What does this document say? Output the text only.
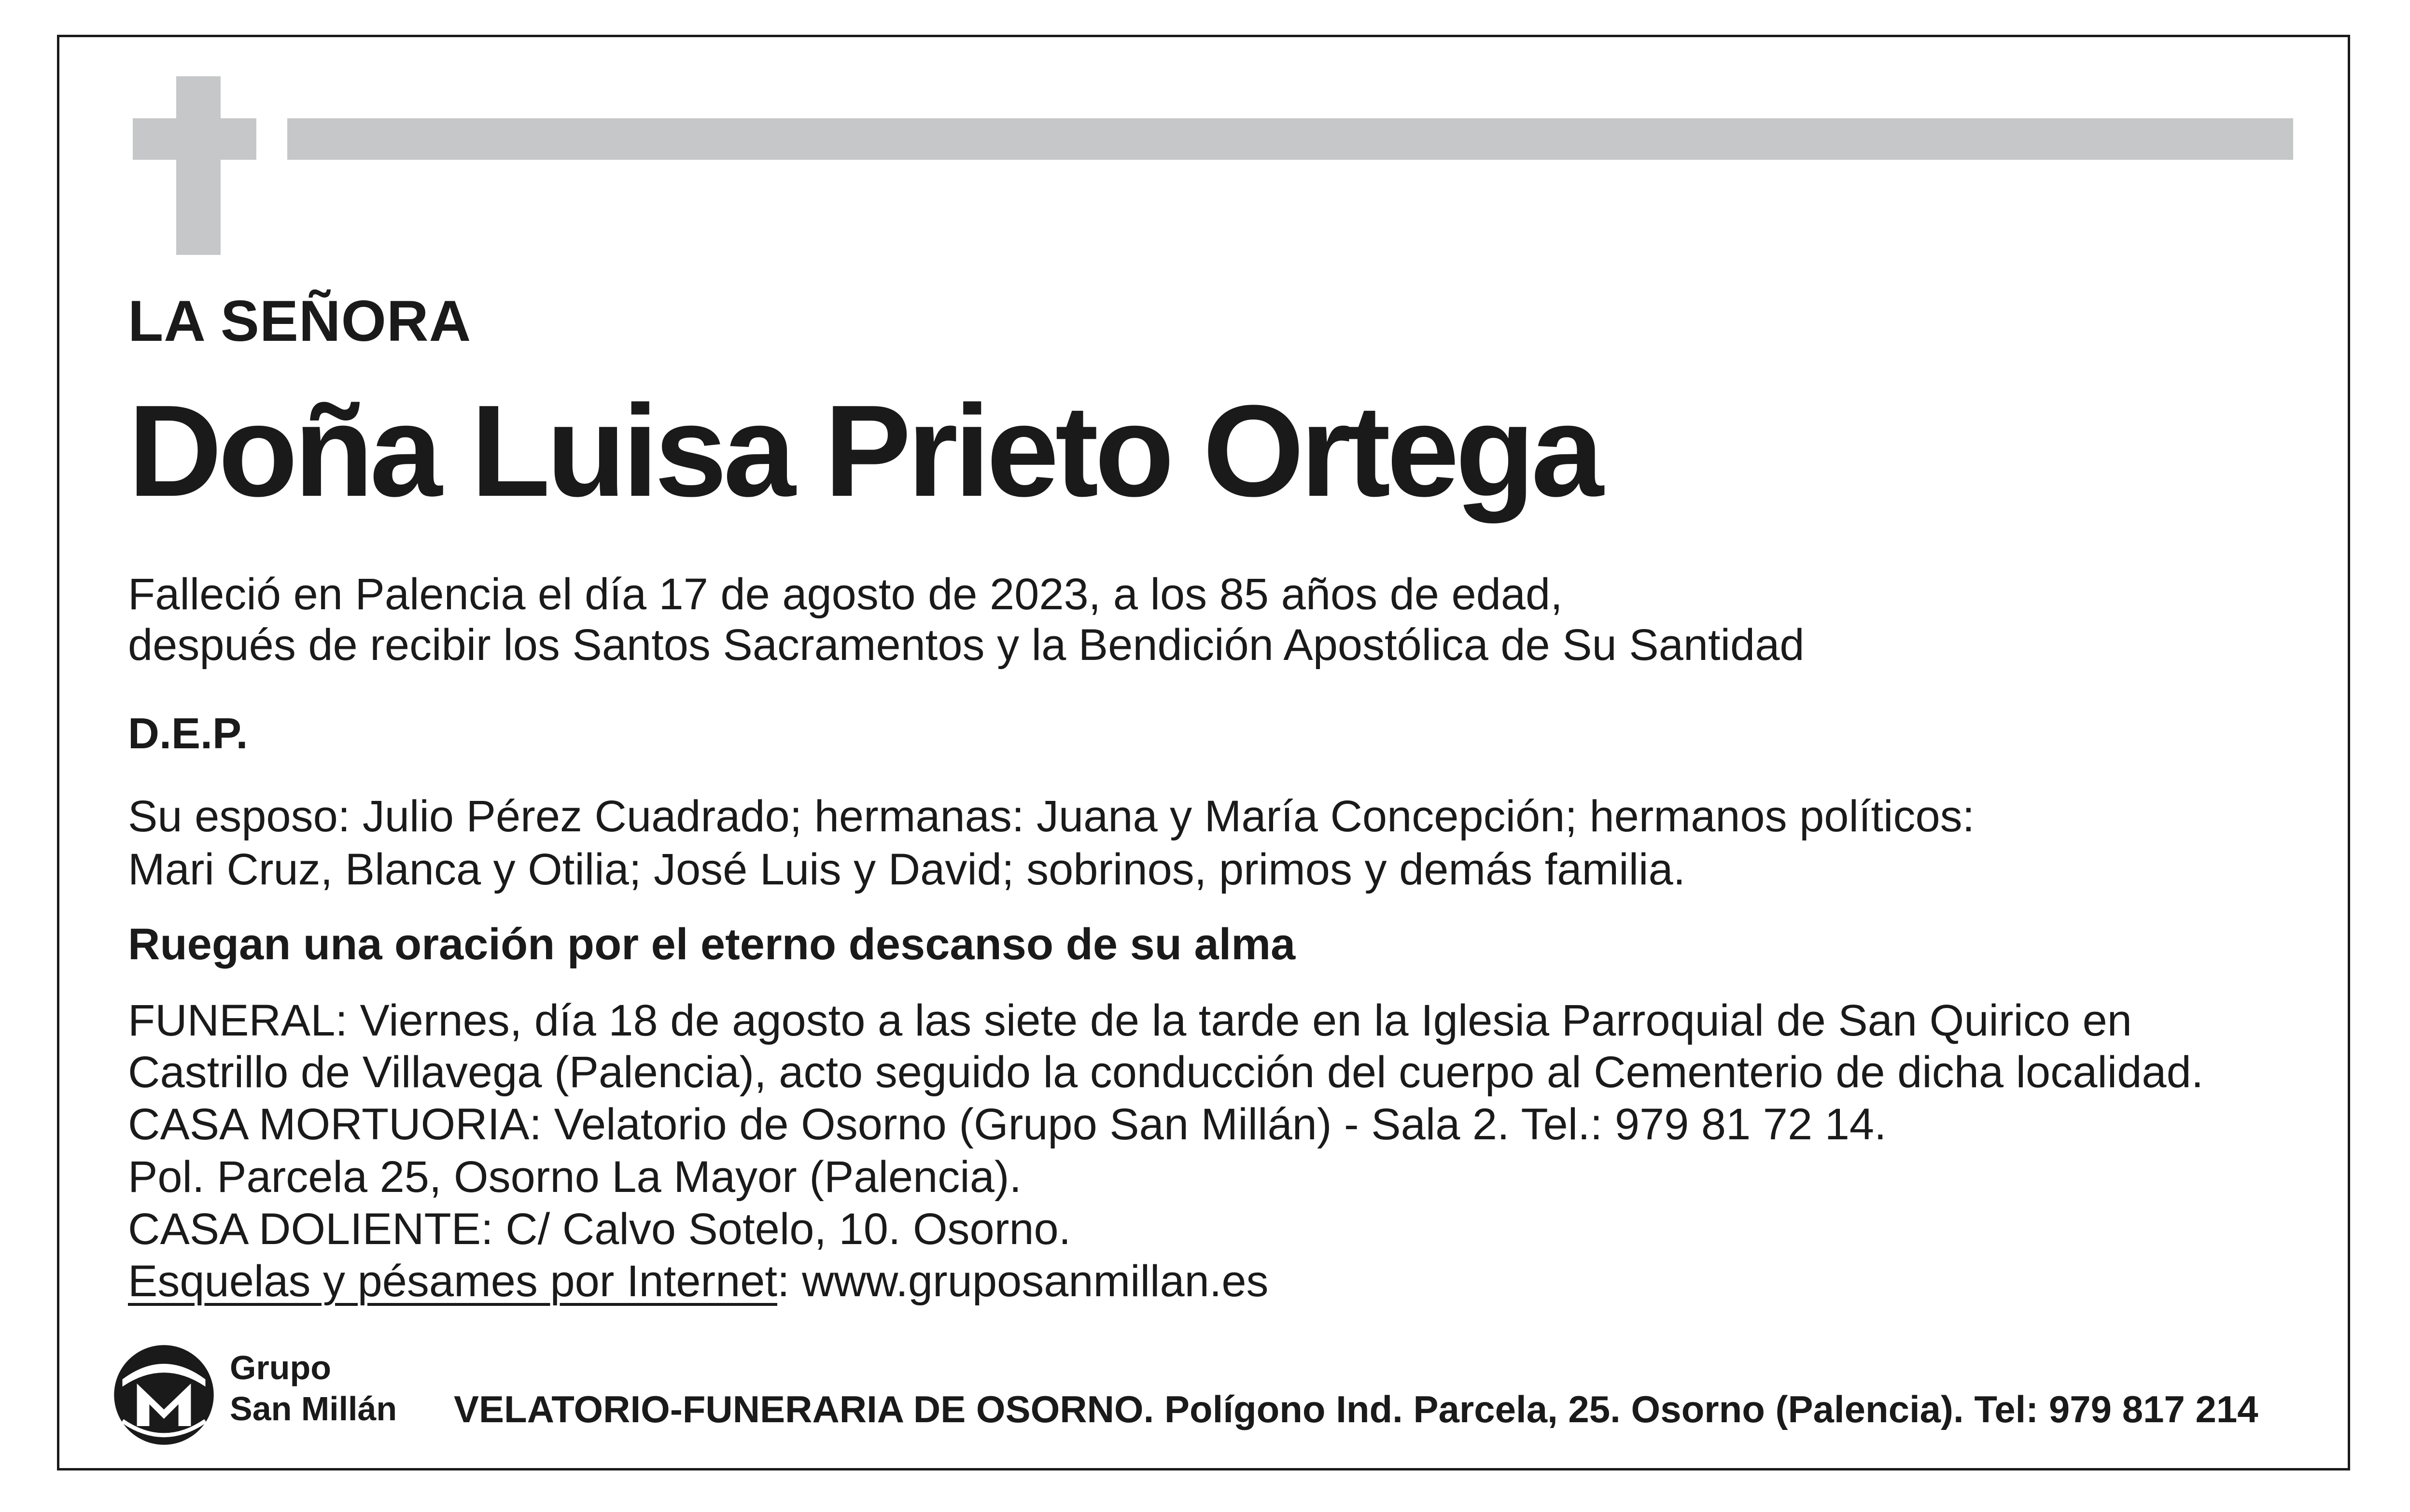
LA SEÑORA
Doña Luisa Prieto Ortega
Falleció en Palencia el día 17 de agosto de 2023, a los 85 años de edad,
después de recibir los Santos Sacramentos y la Bendición Apostólica de Su Santidad
D.E.P.
Su esposo: Julio Pérez Cuadrado; hermanas: Juana y María Concepción; hermanos políticos:
Mari Cruz, Blanca y Otilia; José Luis y David; sobrinos, primos y demás familia.
Ruegan una oración por el eterno descanso de su alma
FUNERAL: Viernes, día 18 de agosto a las siete de la tarde en la Iglesia Parroquial de San Quirico en
Castrillo de Villavega (Palencia), acto seguido la conducción del cuerpo al Cementerio de dicha localidad.
CASA MORTUORIA: Velatorio de Osorno (Grupo San Millán) - Sala 2. Tel.: 979 81 72 14.
Pol. Parcela 25, Osorno La Mayor (Palencia).
CASA DOLIENTE: C/ Calvo Sotelo, 10. Osorno.
Esquelas y pésames por Internet: www.gruposanmillan.es
Grupo
San Millán VELATORIO-FUNERARIA DE OSORNO. Polígono Ind. Parcela, 25. Osorno (Palencia). Tel: 979 817 214
